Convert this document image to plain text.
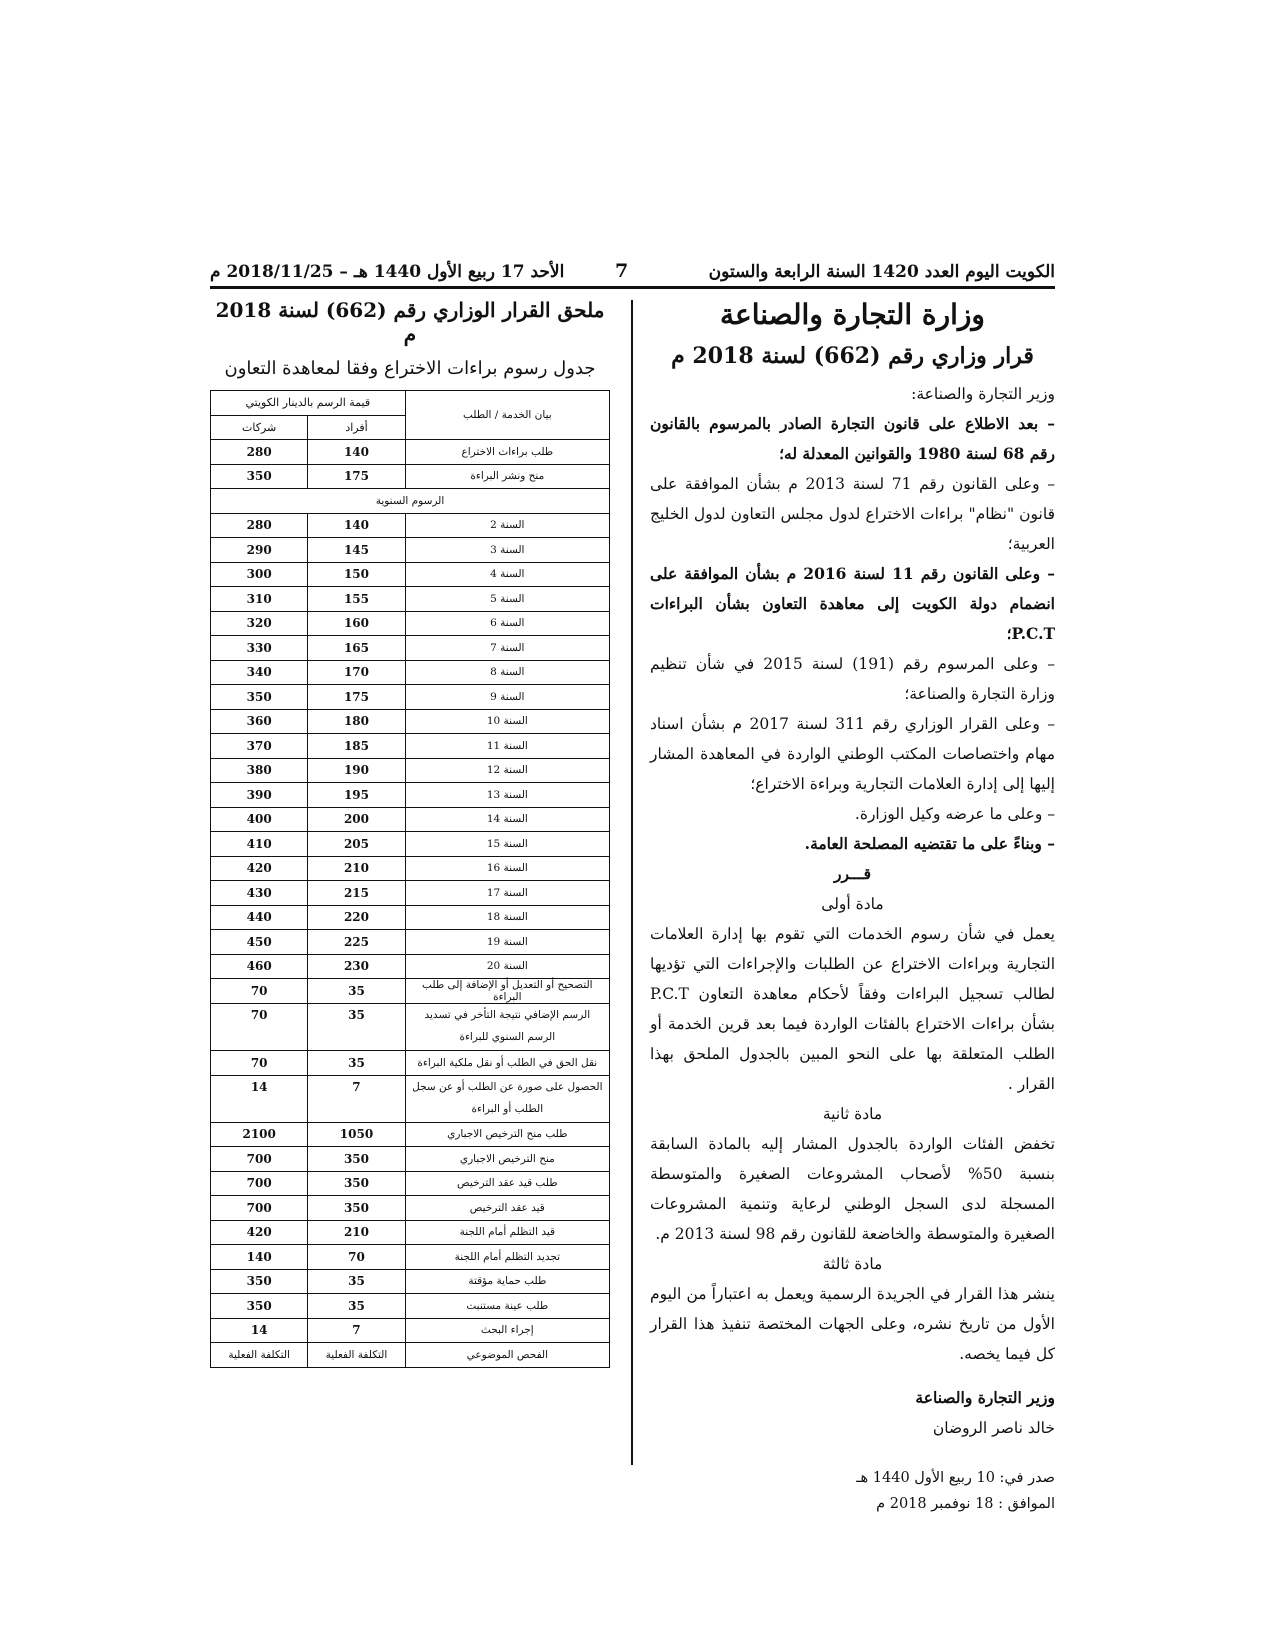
الكويت اليوم العدد 1420 السنة الرابعة والستون
7
الأحد 17 ربيع الأول 1440 هـ – 2018/11/25 م

وزارة التجارة والصناعة

قرار وزاري رقم (662) لسنة 2018 م

وزير التجارة والصناعة:

– بعد الاطلاع على قانون التجارة الصادر بالمرسوم بالقانون رقم 68 لسنة 1980 والقوانين المعدلة له؛

– وعلى القانون رقم 71 لسنة 2013 م بشأن الموافقة على قانون "نظام" براءات الاختراع لدول مجلس التعاون لدول الخليج العربية؛

– وعلى القانون رقم 11 لسنة 2016 م بشأن الموافقة على انضمام دولة الكويت إلى معاهدة التعاون بشأن البراءات P.C.T؛

– وعلى المرسوم رقم (191) لسنة 2015 في شأن تنظيم وزارة التجارة والصناعة؛

– وعلى القرار الوزاري رقم 311 لسنة 2017 م بشأن اسناد مهام واختصاصات المكتب الوطني الواردة في المعاهدة المشار إليها إلى إدارة العلامات التجارية وبراءة الاختراع؛

– وعلى ما عرضه وكيل الوزارة.

– وبناءً على ما تقتضيه المصلحة العامة.

قـــرر

مادة أولى

يعمل في شأن رسوم الخدمات التي تقوم بها إدارة العلامات التجارية وبراءات الاختراع عن الطلبات والإجراءات التي تؤديها لطالب تسجيل البراءات وفقاً لأحكام معاهدة التعاون P.C.T بشأن براءات الاختراع بالفئات الواردة فيما بعد قرين الخدمة أو الطلب المتعلقة بها على النحو المبين بالجدول الملحق بهذا القرار .

مادة ثانية

تخفض الفئات الواردة بالجدول المشار إليه بالمادة السابقة بنسبة 50% لأصحاب المشروعات الصغيرة والمتوسطة المسجلة لدى السجل الوطني لرعاية وتنمية المشروعات الصغيرة والمتوسطة والخاضعة للقانون رقم 98 لسنة 2013 م.

مادة ثالثة

ينشر هذا القرار في الجريدة الرسمية ويعمل به اعتباراً من اليوم الأول من تاريخ نشره، وعلى الجهات المختصة تنفيذ هذا القرار كل فيما يخصه.

وزير التجارة والصناعة

خالد ناصر الروضان

صدر في: 10 ربيع الأول 1440 هـ

الموافق : 18 نوفمبر 2018 م

ملحق القرار الوزاري رقم (662) لسنة 2018 م

جدول رسوم براءات الاختراع وفقا لمعاهدة التعاون

بيان الخدمة / الطلب	قيمة الرسم بالدينار الكويتي	
	أفراد	شركات
طلب براءات الاختراع	140	280
منح ونشر البراءة	175	350
الرسوم السنوية		
السنة 2	140	280
السنة 3	145	290
السنة 4	150	300
السنة 5	155	310
السنة 6	160	320
السنة 7	165	330
السنة 8	170	340
السنة 9	175	350
السنة 10	180	360
السنة 11	185	370
السنة 12	190	380
السنة 13	195	390
السنة 14	200	400
السنة 15	205	410
السنة 16	210	420
السنة 17	215	430
السنة 18	220	440
السنة 19	225	450
السنة 20	230	460
التصحيح أو التعديل أو الإضافة إلى طلب البراءة	35	70
الرسم الإضافي نتيجة التأخر في تسديد الرسم السنوي للبراءة	35	70
نقل الحق في الطلب أو نقل ملكية البراءة	35	70
الحصول على صورة عن الطلب أو عن سجل الطلب أو البراءة	7	14
طلب منح الترخيص الاجباري	1050	2100
منح الترخيص الاجباري	350	700
طلب قيد عقد الترخيص	350	700
قيد عقد الترخيص	350	700
قيد التظلم أمام اللجنة	210	420
تجديد التظلم أمام اللجنة	70	140
طلب حماية مؤقتة	35	350
طلب عينة مستنبت	35	350
إجراء البحث	7	14
الفحص الموضوعي	التكلفة الفعلية	التكلفة الفعلية
